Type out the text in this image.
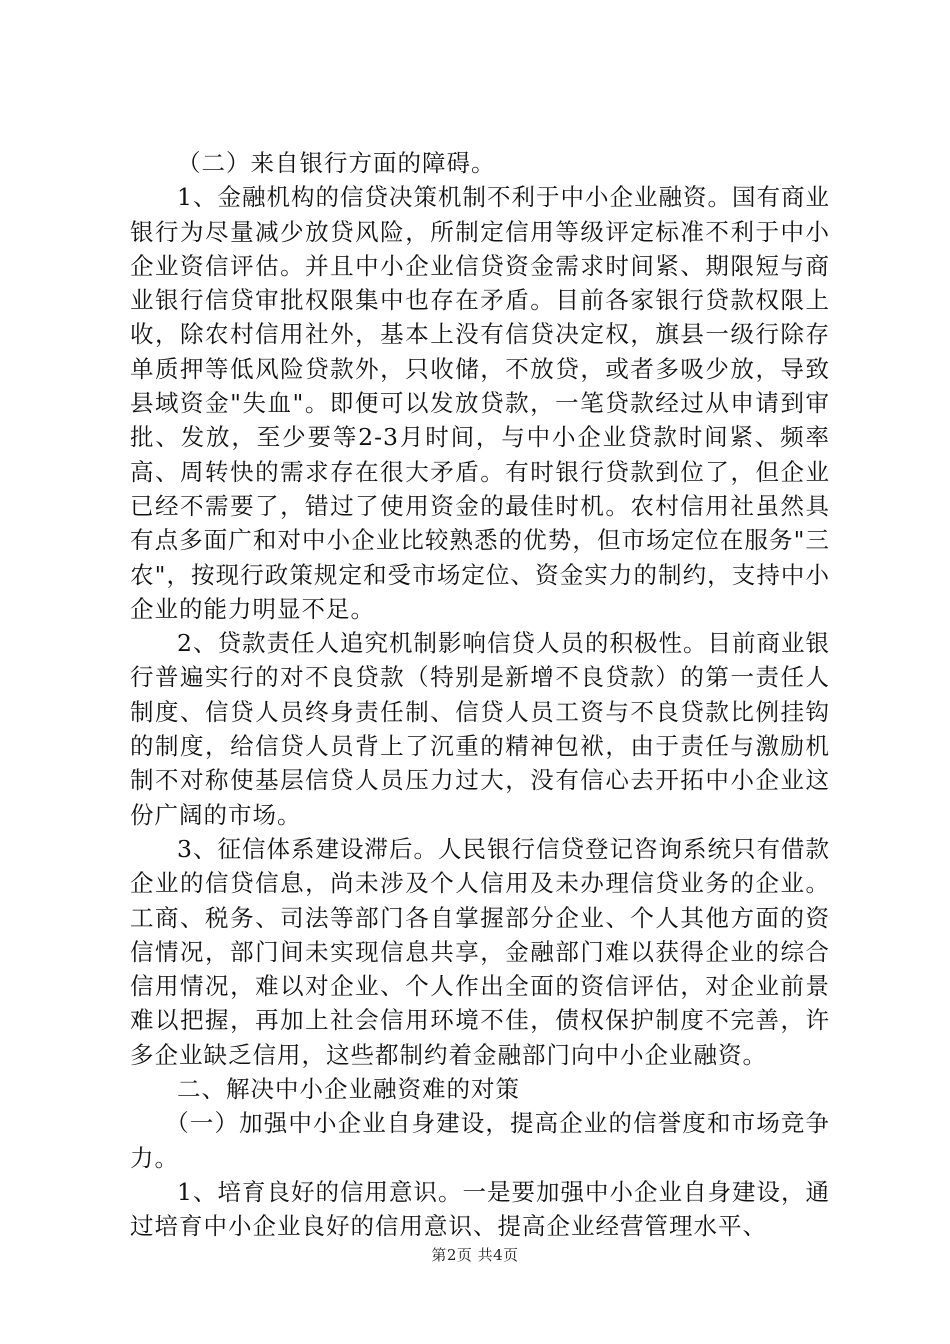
（二）来自银行方面的障碍。

1、金融机构的信贷决策机制不利于中小企业融资。国有商业银行为尽量减少放贷风险，所制定信用等级评定标准不利于中小企业资信评估。并且中小企业信贷资金需求时间紧、期限短与商业银行信贷审批权限集中也存在矛盾。目前各家银行贷款权限上收，除农村信用社外，基本上没有信贷决定权，旗县一级行除存单质押等低风险贷款外，只收储，不放贷，或者多吸少放，导致县域资金"失血"。即便可以发放贷款，一笔贷款经过从申请到审批、发放，至少要等2-3月时间，与中小企业贷款时间紧、频率高、周转快的需求存在很大矛盾。有时银行贷款到位了，但企业已经不需要了，错过了使用资金的最佳时机。农村信用社虽然具有点多面广和对中小企业比较熟悉的优势，但市场定位在服务"三农"，按现行政策规定和受市场定位、资金实力的制约，支持中小企业的能力明显不足。

2、贷款责任人追究机制影响信贷人员的积极性。目前商业银行普遍实行的对不良贷款（特别是新增不良贷款）的第一责任人制度、信贷人员终身责任制、信贷人员工资与不良贷款比例挂钩的制度，给信贷人员背上了沉重的精神包袱，由于责任与激励机制不对称使基层信贷人员压力过大，没有信心去开拓中小企业这份广阔的市场。

3、征信体系建设滞后。人民银行信贷登记咨询系统只有借款企业的信贷信息，尚未涉及个人信用及未办理信贷业务的企业。工商、税务、司法等部门各自掌握部分企业、个人其他方面的资信情况，部门间未实现信息共享，金融部门难以获得企业的综合信用情况，难以对企业、个人作出全面的资信评估，对企业前景难以把握，再加上社会信用环境不佳，债权保护制度不完善，许多企业缺乏信用，这些都制约着金融部门向中小企业融资。

二、解决中小企业融资难的对策

（一）加强中小企业自身建设，提高企业的信誉度和市场竞争力。

1、培育良好的信用意识。一是要加强中小企业自身建设，通过培育中小企业良好的信用意识、提高企业经营管理水平、

第2页 共4页
